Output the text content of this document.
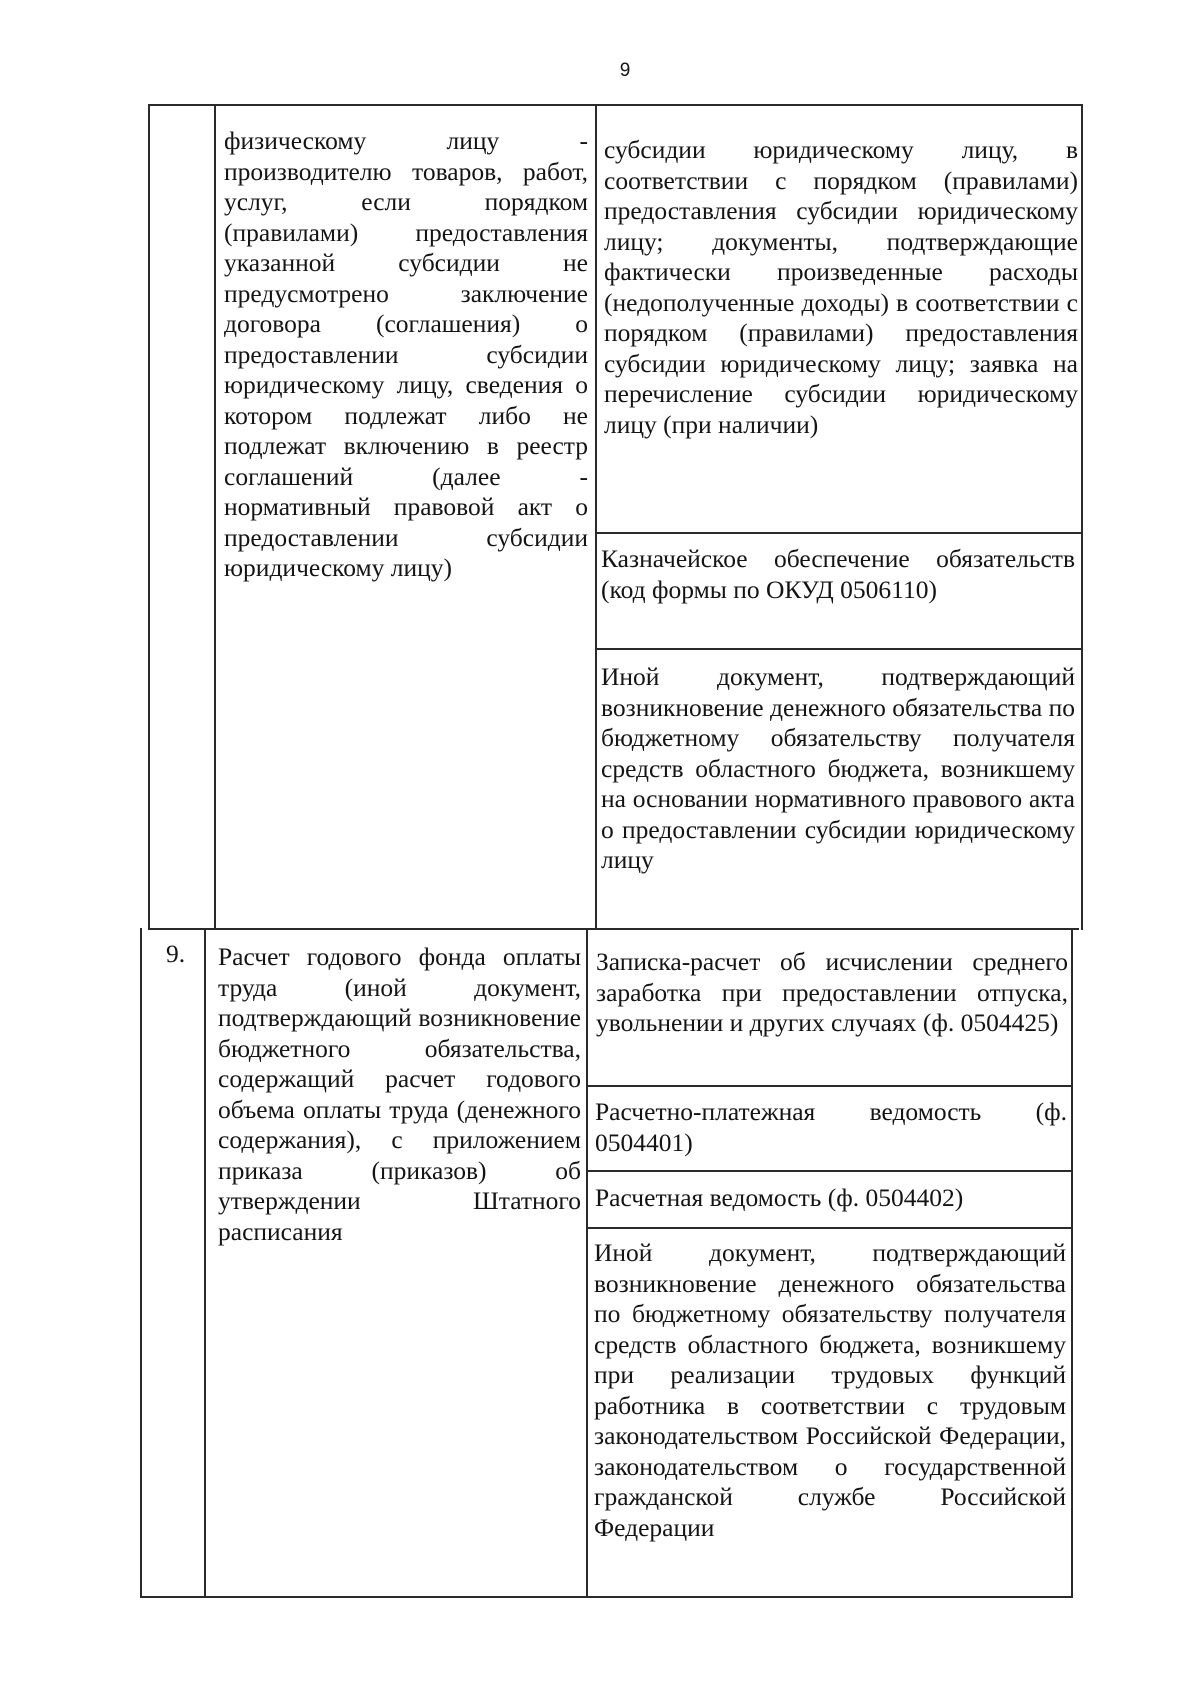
9
физическому лицу - производителю товаров, работ, услуг, если порядком (правилами) предоставления указанной субсидии не предусмотрено заключение договора (соглашения) о предоставлении субсидии юридическому лицу, сведения о котором подлежат либо не подлежат включению в реестр соглашений (далее - нормативный правовой акт о предоставлении субсидии юридическому лицу)
субсидии юридическому лицу, в соответствии с порядком (правилами) предоставления субсидии юридическому лицу; документы, подтверждающие фактически произведенные расходы (недополученные доходы) в соответствии с порядком (правилами) предоставления субсидии юридическому лицу; заявка на перечисление субсидии юридическому лицу (при наличии)
Казначейское обеспечение обязательств (код формы по ОКУД 0506110)
Иной документ, подтверждающий возникновение денежного обязательства по бюджетному обязательству получателя средств областного бюджета, возникшему на основании нормативного правового акта о предоставлении субсидии юридическому лицу
9. Расчет годового фонда оплаты труда (иной документ, подтверждающий возникновение бюджетного обязательства, содержащий расчет годового объема оплаты труда (денежного содержания), с приложением приказа (приказов) об утверждении Штатного расписания
Записка-расчет об исчислении среднего заработка при предоставлении отпуска, увольнении и других случаях (ф. 0504425)
Расчетно-платежная ведомость (ф. 0504401)
Расчетная ведомость (ф. 0504402)
Иной документ, подтверждающий возникновение денежного обязательства по бюджетному обязательству получателя средств областного бюджета, возникшему при реализации трудовых функций работника в соответствии с трудовым законодательством Российской Федерации, законодательством о государственной гражданской службе Российской Федерации
